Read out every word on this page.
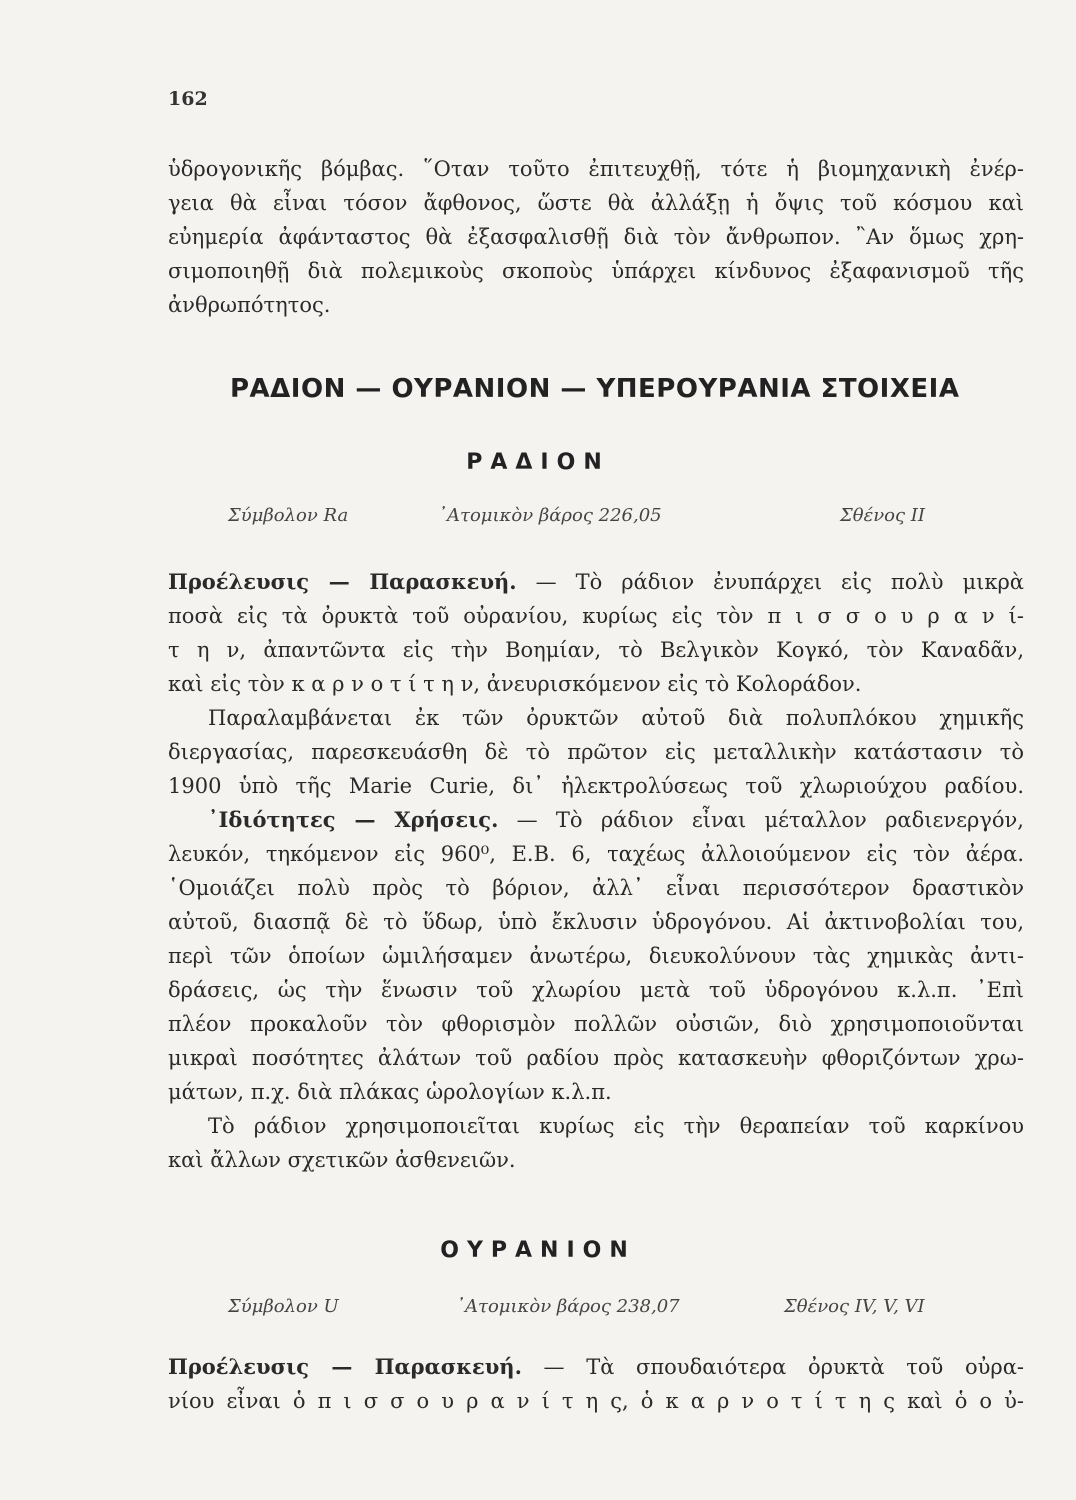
162
ὑδρογονικῆς βόμβας. ῞Οταν τοῦτο ἐπιτευχθῇ, τότε ἡ βιομηχανικὴ ἐνέρ-
γεια θὰ εἶναι τόσον ἄφθονος, ὥστε θὰ ἀλλάξῃ ἡ ὄψις τοῦ κόσμου καὶ
εὐημερία ἀφάνταστος θὰ ἐξασφαλισθῇ διὰ τὸν ἄνθρωπον. ῍Αν ὅμως χρη-
σιμοποιηθῇ διὰ πολεμικοὺς σκοποὺς ὑπάρχει κίνδυνος ἐξαφανισμοῦ τῆς
ἀνθρωπότητος.
ΡΑΔΙΟΝ — ΟΥΡΑΝΙΟΝ — ΥΠΕΡΟΥΡΑΝΙΑ ΣΤΟΙΧΕΙΑ
ΡΑΔΙΟΝ
Σύμβολον Ra	᾿Ατομικὸν βάρος 226,05	Σθένος II
Προέλευσις — Παρασκευή. — Τὸ ράδιον ἐνυπάρχει εἰς πολὺ μικρὰ
ποσὰ εἰς τὰ ὀρυκτὰ τοῦ οὐρανίου, κυρίως εἰς τὸν π ι σ σ ο υ ρ α ν ί-
τ η ν, ἀπαντῶντα εἰς τὴν Βοημίαν, τὸ Βελγικὸν Κογκό, τὸν Καναδᾶν,
καὶ εἰς τὸν κ α ρ ν ο τ ί τ η ν, ἀνευρισκόμενον εἰς τὸ Κολοράδον.
Παραλαμβάνεται ἐκ τῶν ὀρυκτῶν αὐτοῦ διὰ πολυπλόκου χημικῆς
διεργασίας, παρεσκευάσθη δὲ τὸ πρῶτον εἰς μεταλλικὴν κατάστασιν τὸ
1900 ὑπὸ τῆς Marie Curie, δι᾿ ἠλεκτρολύσεως τοῦ χλωριούχου ραδίου.
᾿Ιδιότητες — Χρήσεις. — Τὸ ράδιον εἶναι μέταλλον ραδιενεργόν,
λευκόν, τηκόμενον εἰς 960⁰, Ε.Β. 6, ταχέως ἀλλοιούμενον εἰς τὸν ἀέρα.
῾Ομοιάζει πολὺ πρὸς τὸ βόριον, ἀλλ᾿ εἶναι περισσότερον δραστικὸν
αὐτοῦ, διασπᾷ δὲ τὸ ὕδωρ, ὑπὸ ἔκλυσιν ὑδρογόνου. Αἱ ἀκτινοβολίαι του,
περὶ τῶν ὁποίων ὡμιλήσαμεν ἀνωτέρω, διευκολύνουν τὰς χημικὰς ἀντι-
δράσεις, ὡς τὴν ἕνωσιν τοῦ χλωρίου μετὰ τοῦ ὑδρογόνου κ.λ.π. ᾿Επὶ
πλέον προκαλοῦν τὸν φθορισμὸν πολλῶν οὐσιῶν, διὸ χρησιμοποιοῦνται
μικραὶ ποσότητες ἀλάτων τοῦ ραδίου πρὸς κατασκευὴν φθοριζόντων χρω-
μάτων, π.χ. διὰ πλάκας ὡρολογίων κ.λ.π.
Τὸ ράδιον χρησιμοποιεῖται κυρίως εἰς τὴν θεραπείαν τοῦ καρκίνου
καὶ ἄλλων σχετικῶν ἀσθενειῶν.
ΟΥΡΑΝΙΟΝ
Σύμβολον U	᾿Ατομικὸν βάρος 238,07	Σθένος IV, V, VI
Προέλευσις — Παρασκευή. — Τὰ σπουδαιότερα ὀρυκτὰ τοῦ οὐρα-
νίου εἶναι ὁ π ι σ σ ο υ ρ α ν ί τ η ς, ὁ κ α ρ ν ο τ ί τ η ς καὶ ὁ ο ὐ-
